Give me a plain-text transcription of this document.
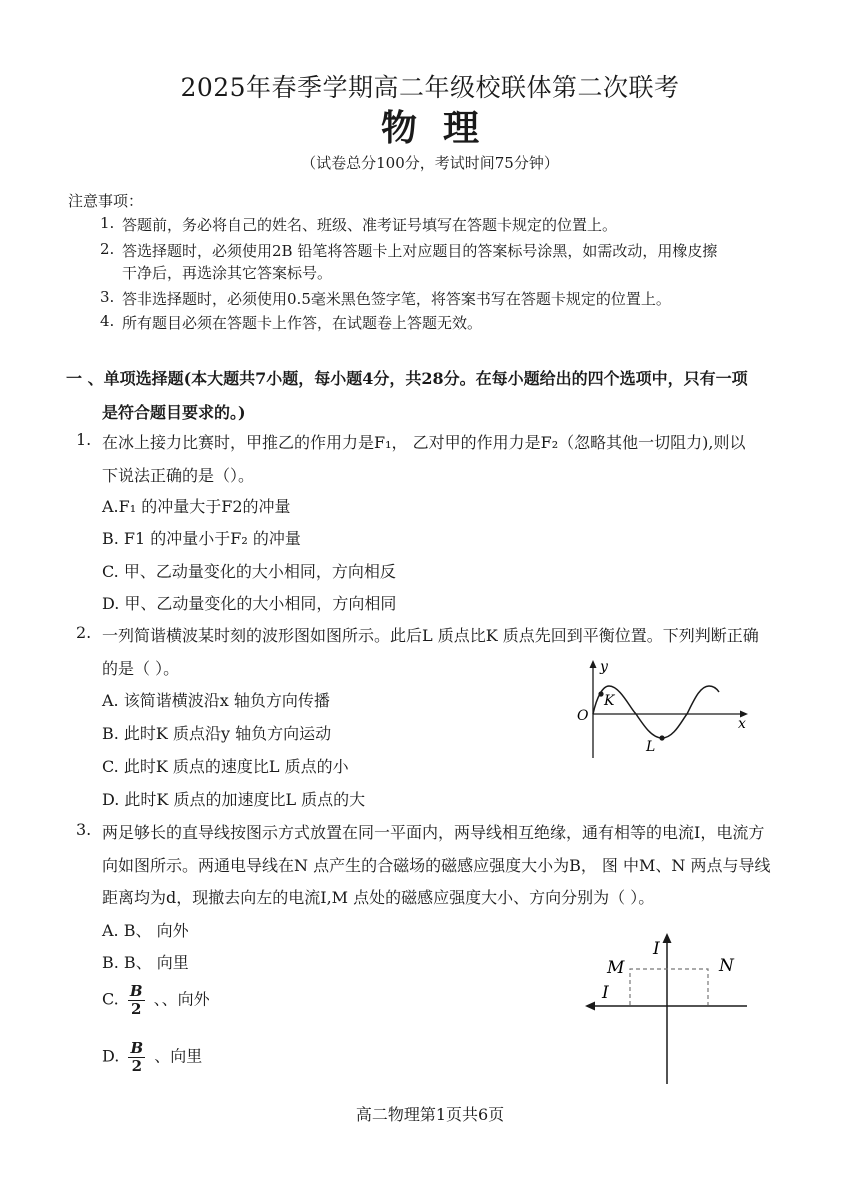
2025年春季学期高二年级校联体第二次联考
物理
（试卷总分100分，考试时间75分钟）
注意事项：
1. 答题前，务必将自己的姓名、班级、准考证号填写在答题卡规定的位置上。
2. 答选择题时，必须使用2B 铅笔将答题卡上对应题目的答案标号涂黑，如需改动，用橡皮擦
干净后，再选涂其它答案标号。
3. 答非选择题时，必须使用0.5毫米黑色签字笔，将答案书写在答题卡规定的位置上。
4. 所有题目必须在答题卡上作答，在试题卷上答题无效。
一 、单项选择题(本大题共7小题，每小题4分，共28分。在每小题给出的四个选项中，只有一项
是符合题目要求的。)
1. 在冰上接力比赛时，甲推乙的作用力是F₁， 乙对甲的作用力是F₂（忽略其他一切阻力),则以
下说法正确的是（）。
A.F₁ 的冲量大于F2的冲量
B. F1 的冲量小于F₂ 的冲量
C. 甲、乙动量变化的大小相同，方向相反
D. 甲、乙动量变化的大小相同，方向相同
2. 一列简谐横波某时刻的波形图如图所示。此后L 质点比K 质点先回到平衡位置。下列判断正确
的是（ ）。
A. 该简谐横波沿x 轴负方向传播
B. 此时K 质点沿y 轴负方向运动
C. 此时K 质点的速度比L 质点的小
D. 此时K 质点的加速度比L 质点的大
y
x
O
K
L
3. 两足够长的直导线按图示方式放置在同一平面内，两导线相互绝缘，通有相等的电流I，电流方
向如图所示。两通电导线在N 点产生的合磁场的磁感应强度大小为B， 图 中M、N 两点与导线
距离均为d，现撤去向左的电流I,M 点处的磁感应强度大小、方向分别为（ ）。
A. B、 向外
B. B、 向里
C. $\frac{B}{2}$ 、、向外
D. $\frac{B}{2}$ 、向里
I
I
M	N
高二物理第1页共6页
